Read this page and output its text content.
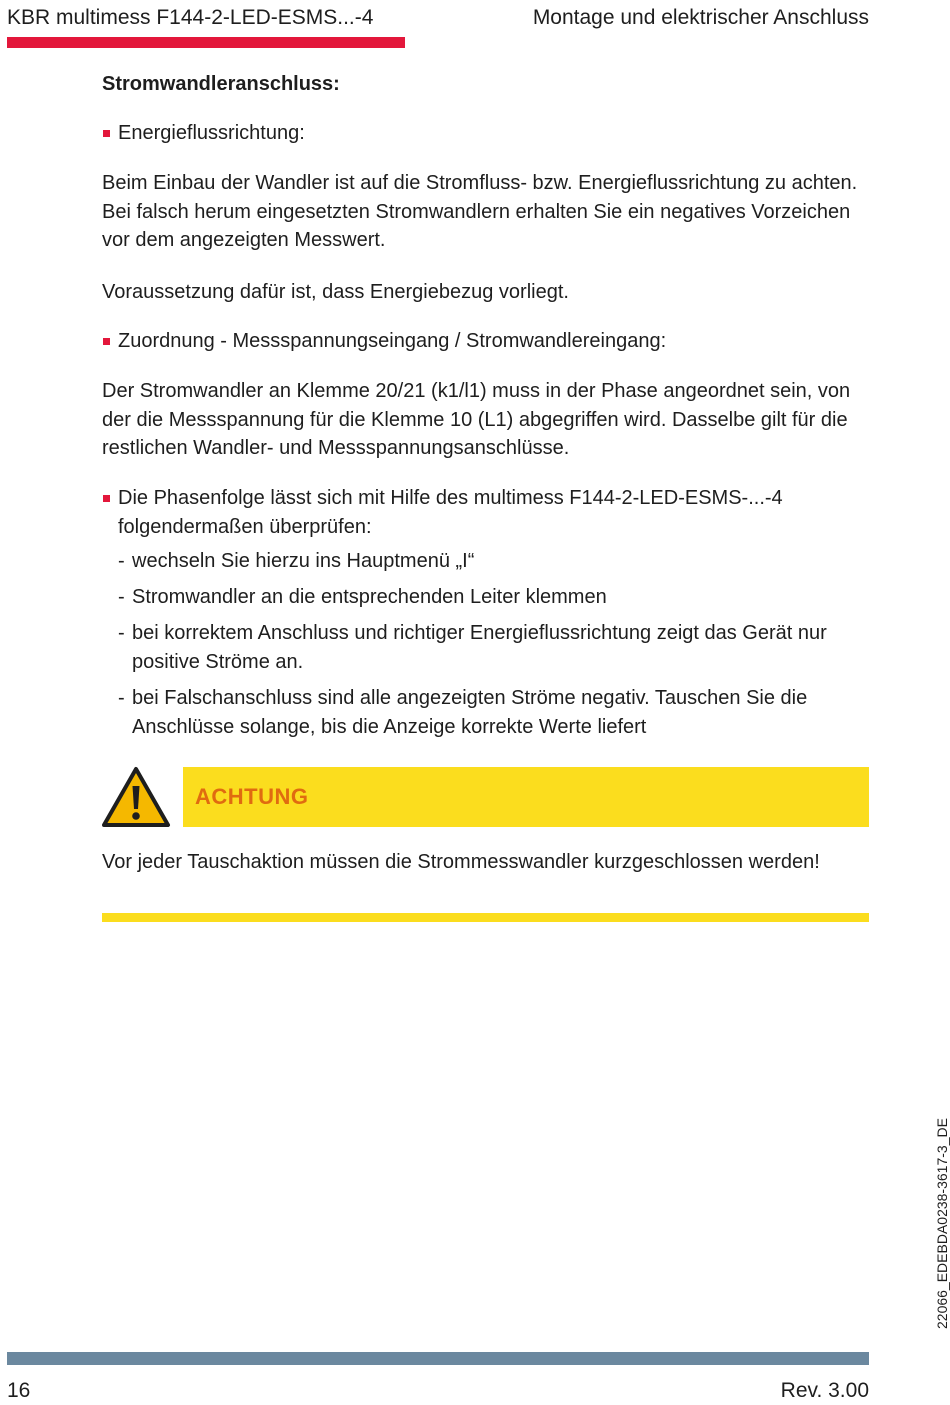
KBR multimess F144-2-LED-ESMS...-4	Montage und elektrischer Anschluss
Stromwandleranschluss:
Energieflussrichtung:

Beim Einbau der Wandler ist auf die Stromfluss- bzw. Energieflussrichtung zu achten. Bei falsch herum eingesetzten Stromwandlern erhalten Sie ein negatives Vorzeichen vor dem angezeigten Messwert.

Voraussetzung dafür ist, dass Energiebezug vorliegt.

Zuordnung - Messspannungseingang / Stromwandlereingang:

Der Stromwandler an Klemme 20/21 (k1/l1) muss in der Phase angeordnet sein, von der die Messspannung für die Klemme 10 (L1) abgegriffen wird. Dasselbe gilt für die restlichen Wandler- und Messspannungsanschlüsse.

Die Phasenfolge lässt sich mit Hilfe des multimess F144-2-LED-ESMS-...-4 folgendermaßen überprüfen:
- wechseln Sie hierzu ins Hauptmenü „I“
- Stromwandler an die entsprechenden Leiter klemmen
- bei korrektem Anschluss und richtiger Energieflussrichtung zeigt das Gerät nur positive Ströme an.
- bei Falschanschluss sind alle angezeigten Ströme negativ. Tauschen Sie die Anschlüsse solange, bis die Anzeige korrekte Werte liefert
ACHTUNG

Vor jeder Tauschaktion müssen die Strommesswandler kurzgeschlossen werden!

22066_EDEBDA0238-3617-3_DE
16	Rev. 3.00
